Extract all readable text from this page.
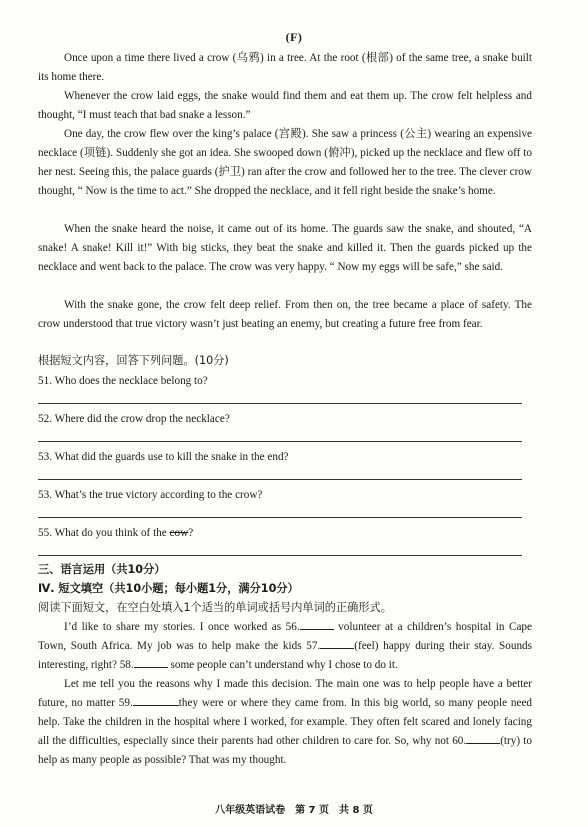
(F)

Once upon a time there lived a crow (乌鸦) in a tree. At the root (根部) of the same tree, a snake built its home there.

Whenever the crow laid eggs, the snake would find them and eat them up. The crow felt helpless and thought, “I must teach that bad snake a lesson.”

One day, the crow flew over the king’s palace (宫殿). She saw a princess (公主) wearing an expensive necklace (项链). Suddenly she got an idea. She swooped down (俯冲), picked up the necklace and flew off to her nest. Seeing this, the palace guards (护卫) ran after the crow and followed her to the tree. The clever crow thought, “ Now is the time to act.” She dropped the necklace, and it fell right beside the snake’s home.

When the snake heard the noise, it came out of its home. The guards saw the snake, and shouted, “A snake! A snake! Kill it!” With big sticks, they beat the snake and killed it. Then the guards picked up the necklace and went back to the palace. The crow was very happy. “ Now my eggs will be safe,” she said.

With the snake gone, the crow felt deep relief. From then on, the tree became a place of safety. The crow understood that true victory wasn’t just beating an enemy, but creating a future free from fear.

根据短文内容，回答下列问题。(10分)
51. Who does the necklace belong to?
52. Where did the crow drop the necklace?
53. What did the guards use to kill the snake in the end?
53. What’s the true victory according to the crow?
55. What do you think of the cow?
三、语言运用（共10分）
Ⅳ. 短文填空（共10小题；每小题1分，满分10分）
阅读下面短文，在空白处填入1个适当的单词或括号内单词的正确形式。

I’d like to share my stories. I once worked as 56.	volunteer at a children’s hospital in Cape Town, South Africa. My job was to help make the kids 57.	(feel) happy during their stay. Sounds interesting, right? 58.	some people can’t understand why I chose to do it.

Let me tell you the reasons why I made this decision. The main one was to help people have a better future, no matter 59.	they were or where they came from. In this big world, so many people need help. Take the children in the hospital where I worked, for example. They often felt scared and lonely facing all the difficulties, especially since their parents had other children to care for. So, why not 60.	(try) to help as many people as possible? That was my thought.

八年级英语试卷　第 7 页　共 8 页
